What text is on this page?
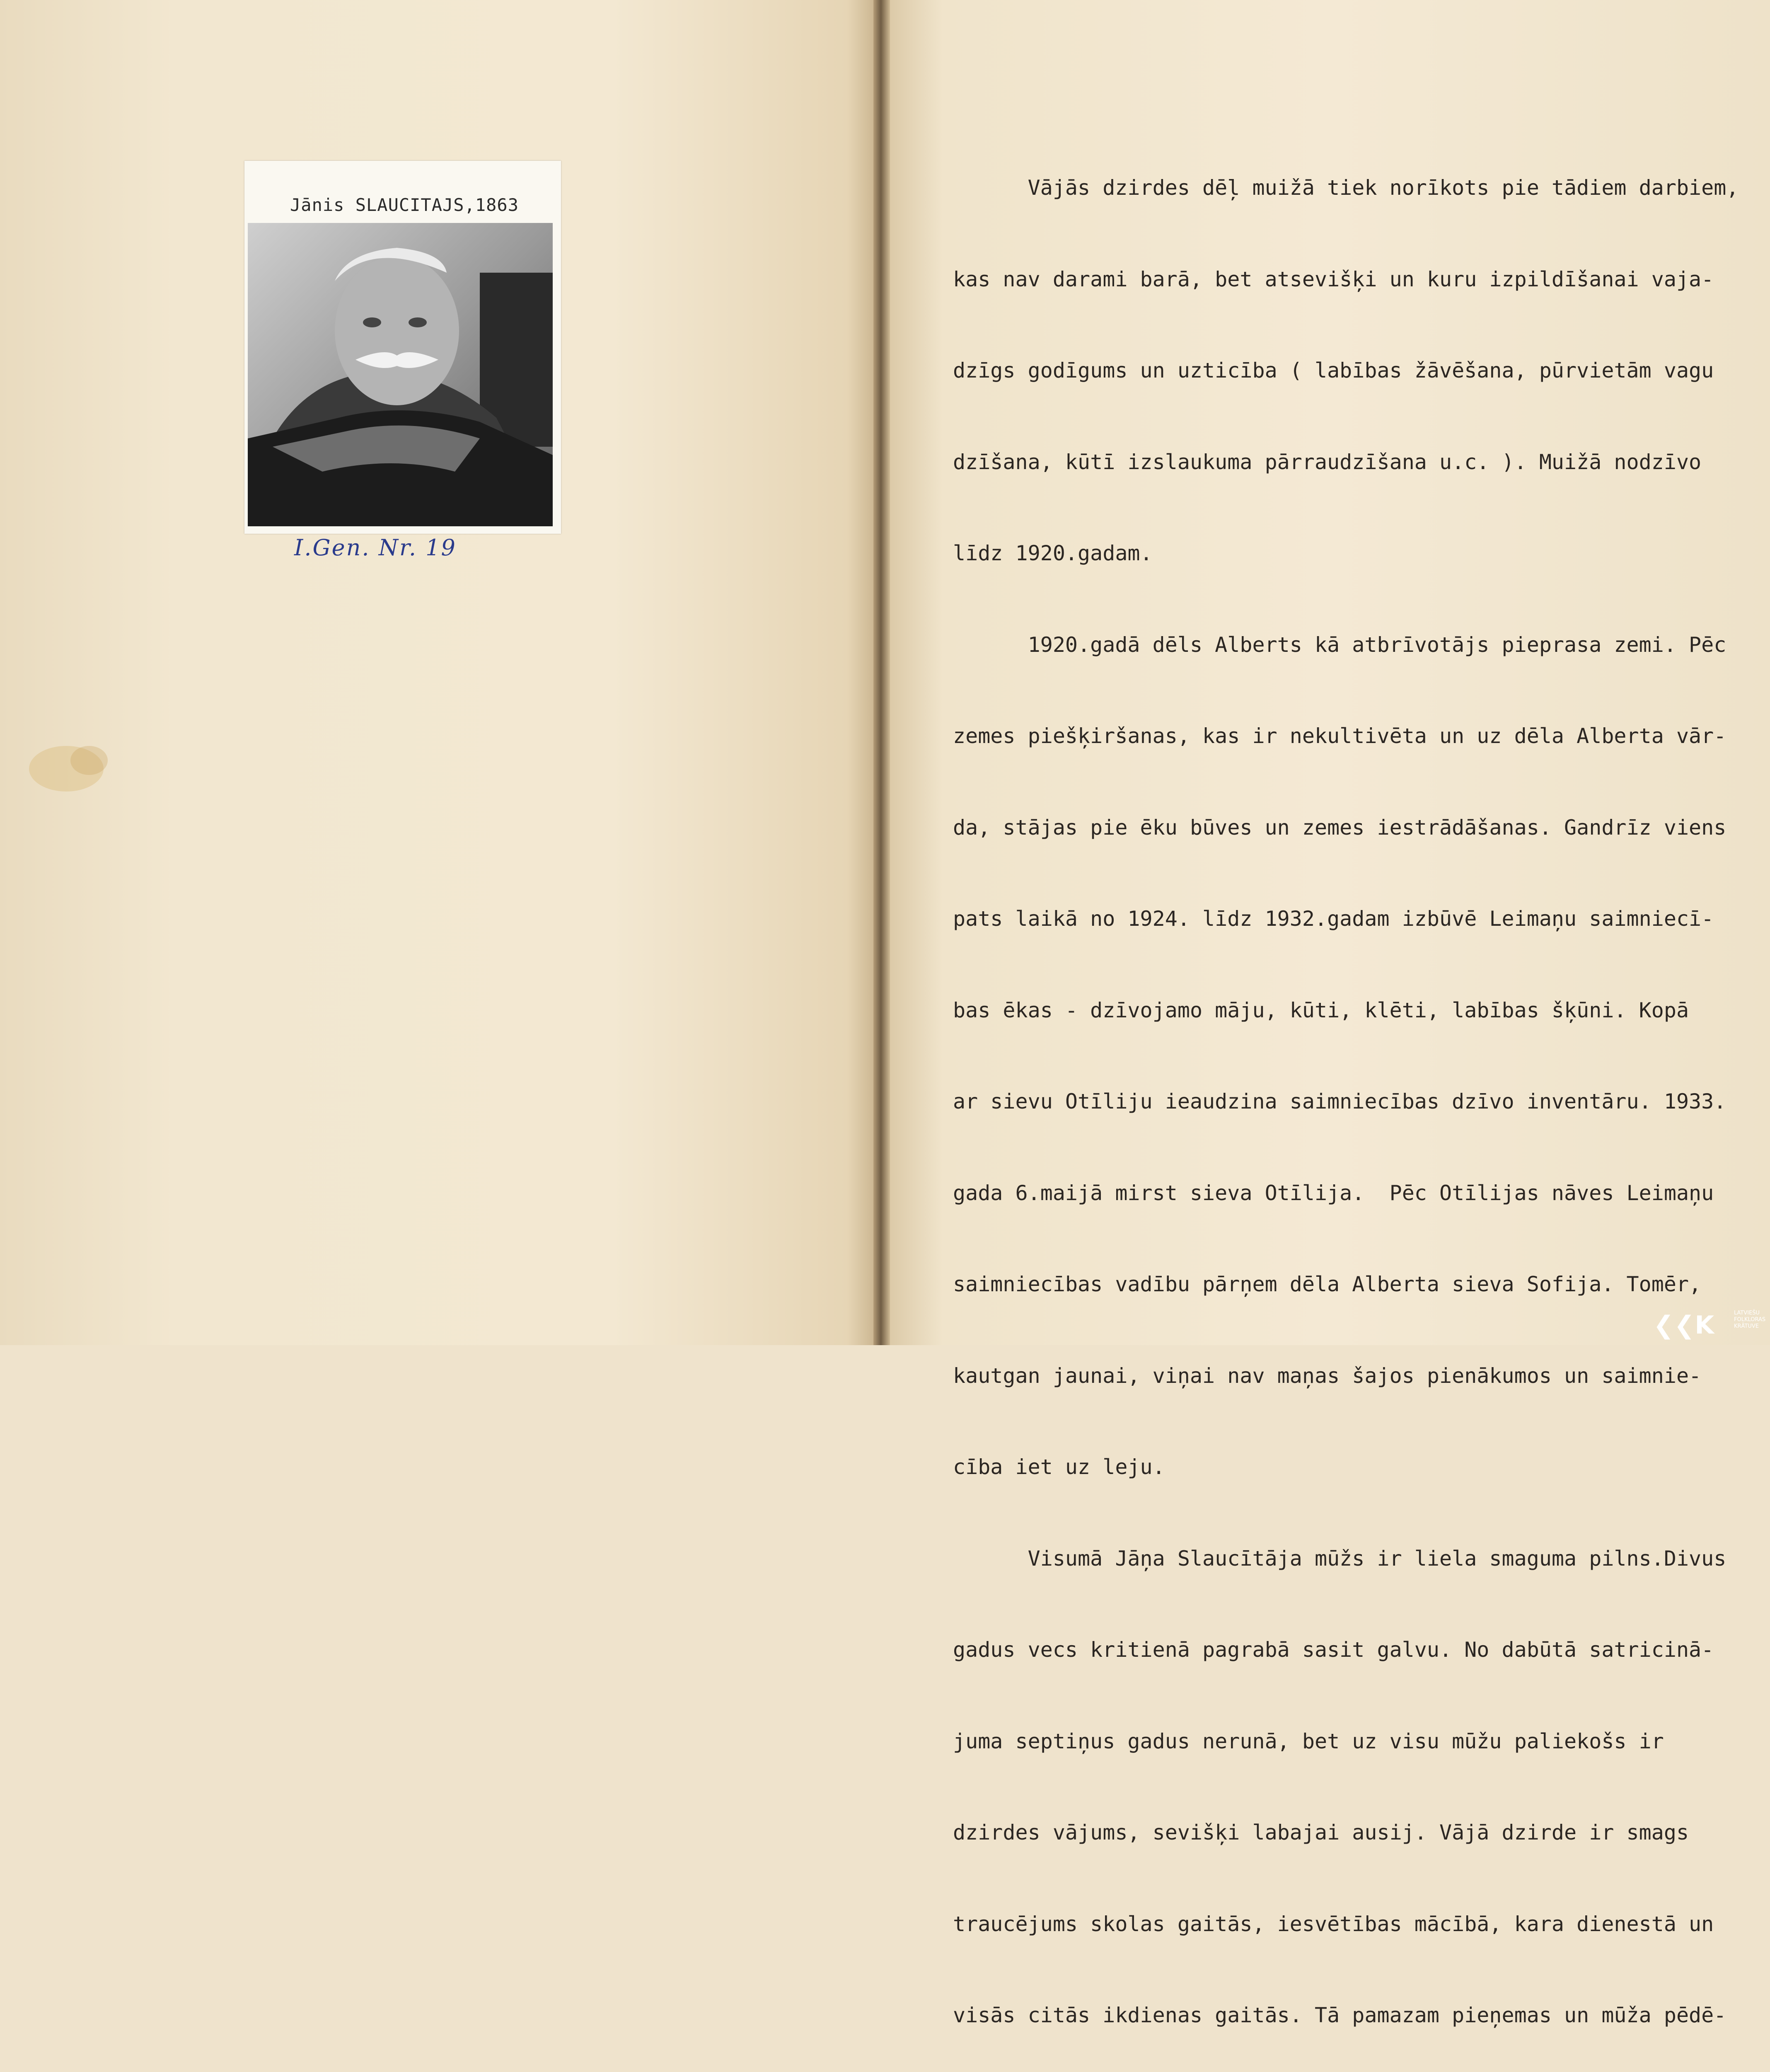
Jānis SLAUCITAJS,1863
I.Gen. Nr. 19

Vājās dzirdes dēļ muižā tiek norīkots pie tādiem darbiem,

kas nav darami barā, bet atsevišķi un kuru izpildīšanai vaja-

dzīgs godīgums un uzticība ( labības žāvēšana, pūrvietām vagu

dzīšana, kūtī izslaukuma pārraudzīšana u.c. ). Muižā nodzīvo

līdz 1920.gadam.

1920.gadā dēls Alberts kā atbrīvotājs pieprasa zemi. Pēc

zemes piešķiršanas, kas ir nekultivēta un uz dēla Alberta vār-

da, stājas pie ēku būves un zemes iestrādāšanas. Gandrīz viens

pats laikā no 1924. līdz 1932.gadam izbūvē Leimaņu saimniecī-

bas ēkas - dzīvojamo māju, kūti, klēti, labības šķūni. Kopā

ar sievu Otīliju ieaudzina saimniecības dzīvo inventāru. 1933.

gada 6.maijā mirst sieva Otīlija.  Pēc Otīlijas nāves Leimaņu

saimniecības vadību pārņem dēla Alberta sieva Sofija. Tomēr,

kautgan jaunai, viņai nav maņas šajos pienākumos un saimnie-

cība iet uz leju.

Visumā Jāņa Slaucītāja mūžs ir liela smaguma pilns.Divus

gadus vecs kritienā pagrabā sasit galvu. No dabūtā satricinā-

juma septiņus gadus nerunā, bet uz visu mūžu paliekošs ir

dzirdes vājums, sevišķi labajai ausij. Vājā dzirde ir smags

traucējums skolas gaitās, iesvētības mācībā, kara dienestā un

visās citās ikdienas gaitās. Tā pamazam pieņemas un mūža pēdē-

❮❮K	LATVIEŠU
FOLKLORAS
KRĀTUVE
